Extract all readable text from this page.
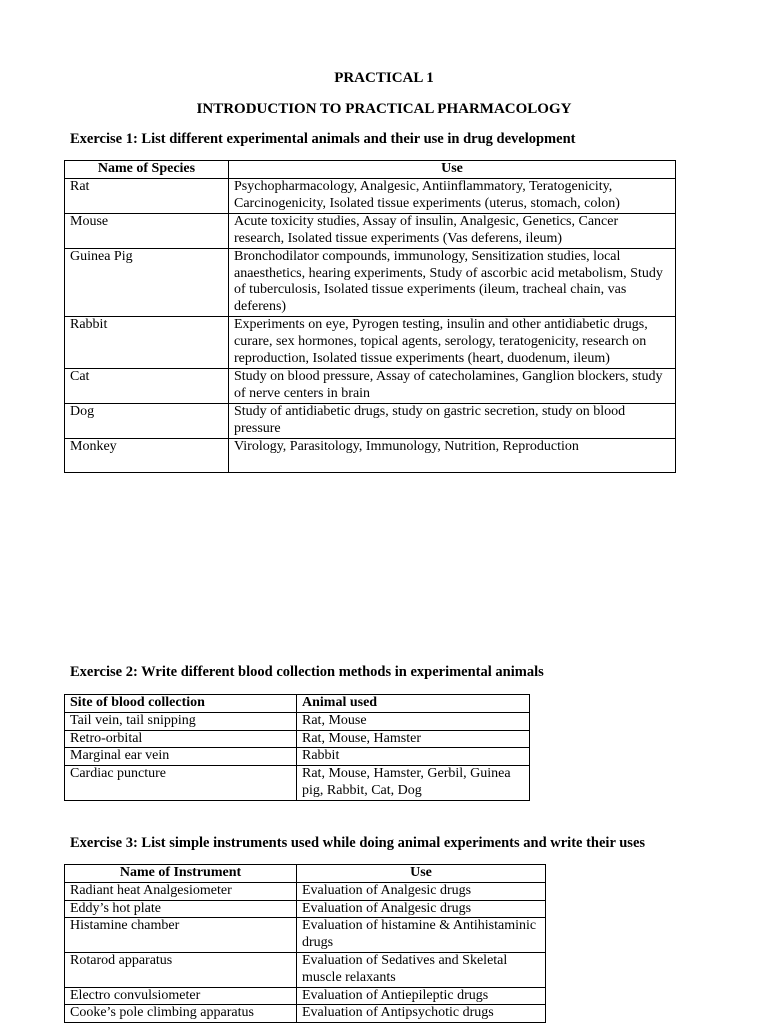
PRACTICAL 1
INTRODUCTION TO PRACTICAL PHARMACOLOGY
Exercise 1: List different experimental animals and their use in drug development
Name of Species	Use
Rat	Psychopharmacology, Analgesic, Antiinflammatory, Teratogenicity, Carcinogenicity, Isolated tissue experiments (uterus, stomach, colon)
Mouse	Acute toxicity studies, Assay of insulin, Analgesic, Genetics, Cancer research, Isolated tissue experiments (Vas deferens, ileum)
Guinea Pig	Bronchodilator compounds, immunology, Sensitization studies, local anaesthetics, hearing experiments, Study of ascorbic acid metabolism, Study of tuberculosis, Isolated tissue experiments (ileum, tracheal chain, vas deferens)
Rabbit	Experiments on eye, Pyrogen testing, insulin and other antidiabetic drugs, curare, sex hormones, topical agents, serology, teratogenicity, research on reproduction, Isolated tissue experiments (heart, duodenum, ileum)
Cat	Study on blood pressure, Assay of catecholamines, Ganglion blockers, study of nerve centers in brain
Dog	Study of antidiabetic drugs, study on gastric secretion, study on blood pressure
Monkey	Virology, Parasitology, Immunology, Nutrition, Reproduction
Exercise 2: Write different blood collection methods in experimental animals
Site of blood collection	Animal used
Tail vein, tail snipping	Rat, Mouse
Retro-orbital	Rat, Mouse, Hamster
Marginal ear vein	Rabbit
Cardiac puncture	Rat, Mouse, Hamster, Gerbil, Guinea pig, Rabbit, Cat, Dog
Exercise 3: List simple instruments used while doing animal experiments and write their uses
Name of Instrument	Use
Radiant heat Analgesiometer	Evaluation of Analgesic drugs
Eddy’s hot plate	Evaluation of Analgesic drugs
Histamine chamber	Evaluation of histamine & Antihistaminic drugs
Rotarod apparatus	Evaluation of Sedatives and Skeletal muscle relaxants
Electro convulsiometer	Evaluation of Antiepileptic drugs
Cooke’s pole climbing apparatus	Evaluation of Antipsychotic drugs
